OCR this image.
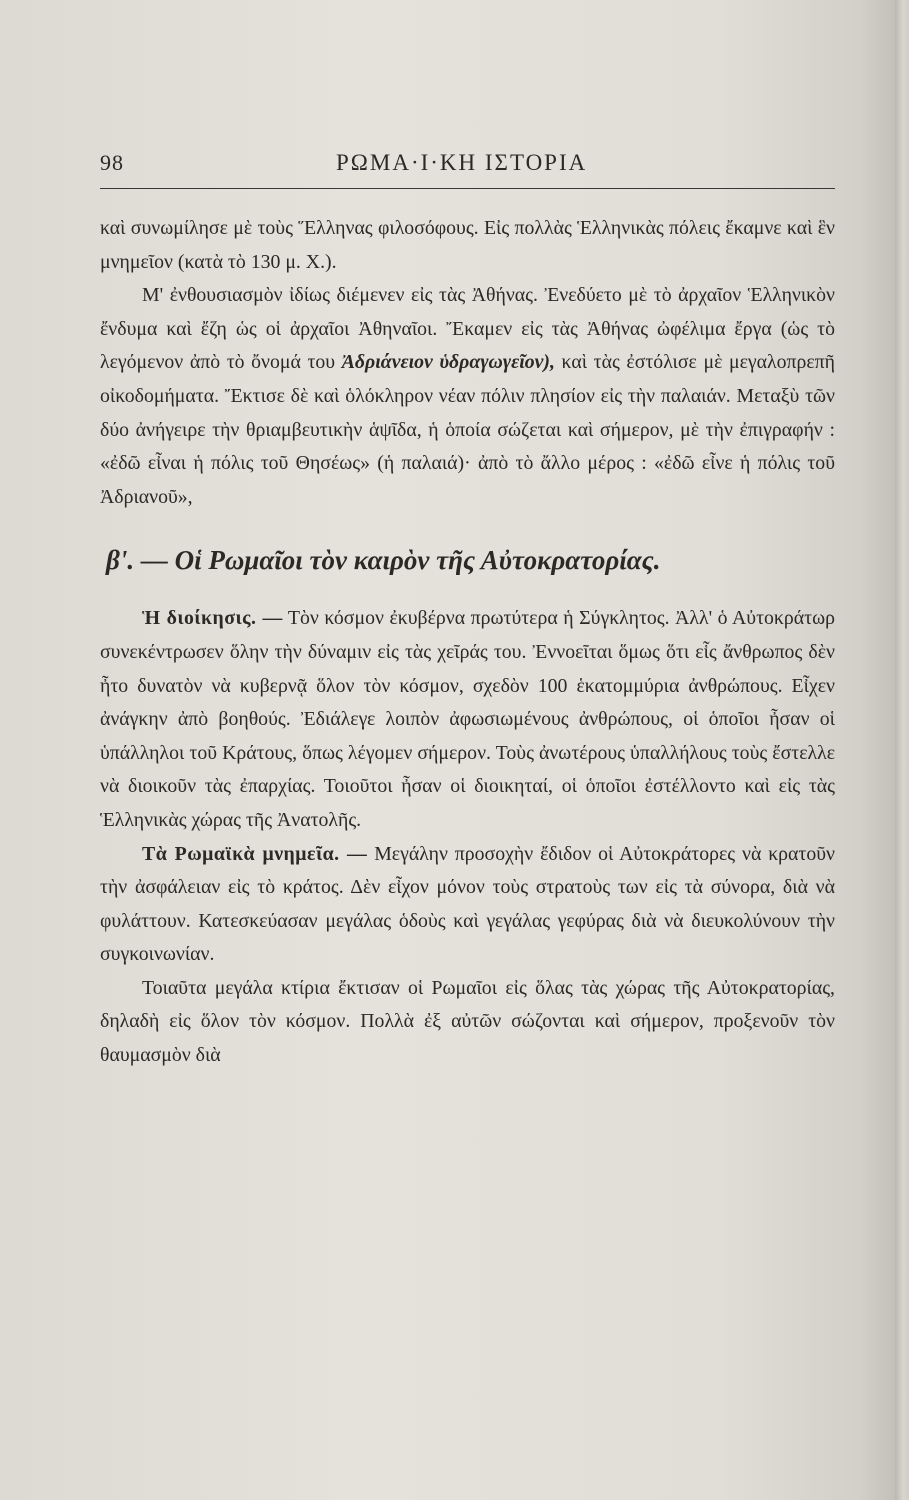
98	ΡΩΜΑ·Ι·ΚΗ ΙΣΤΟΡΙΑ

καὶ συνωμίλησε μὲ τοὺς Ἕλληνας φιλοσόφους. Εἰς πολλὰς Ἑλληνικὰς πόλεις ἔκαμνε καὶ ἓν μνημεῖον (κατὰ τὸ 130 μ. Χ.).

Μ' ἐνθουσιασμὸν ἰδίως διέμενεν εἰς τὰς Ἀθήνας. Ἐνεδύετο μὲ τὸ ἀρχαῖον Ἑλληνικὸν ἔνδυμα καὶ ἔζη ὡς οἱ ἀρχαῖοι Ἀθηναῖοι. Ἔκαμεν εἰς τὰς Ἀθήνας ὠφέλιμα ἔργα (ὡς τὸ λεγόμενον ἀπὸ τὸ ὄνομά του Ἀδριάνειον ὑδραγωγεῖον), καὶ τὰς ἐστόλισε μὲ μεγαλοπρεπῆ οἰκοδομήματα. Ἔκτισε δὲ καὶ ὁλόκληρον νέαν πόλιν πλησίον εἰς τὴν παλαιάν. Μεταξὺ τῶν δύο ἀνήγειρε τὴν θριαμβευτικὴν ἁψῖδα, ἡ ὁποία σώζεται καὶ σήμερον, μὲ τὴν ἐπιγραφήν : «ἐδῶ εἶναι ἡ πόλις τοῦ Θησέως» (ἡ παλαιά)· ἀπὸ τὸ ἄλλο μέρος : «ἐδῶ εἶνε ἡ πόλις τοῦ Ἀδριανοῦ»,

β'. — Οἱ Ρωμαῖοι τὸν καιρὸν τῆς Αὐτοκρατορίας.

Ἡ διοίκησις. — Τὸν κόσμον ἐκυβέρνα πρωτύτερα ἡ Σύγκλητος. Ἀλλ' ὁ Αὐτοκράτωρ συνεκέντρωσεν ὅλην τὴν δύναμιν εἰς τὰς χεῖράς του. Ἐννοεῖται ὅμως ὅτι εἷς ἄνθρωπος δὲν ἦτο δυνατὸν νὰ κυβερνᾷ ὅλον τὸν κόσμον, σχεδὸν 100 ἑκατομμύρια ἀνθρώπους. Εἶχεν ἀνάγκην ἀπὸ βοηθούς. Ἐδιάλεγε λοιπὸν ἀφωσιωμένους ἀνθρώπους, οἱ ὁποῖοι ἦσαν οἱ ὑπάλληλοι τοῦ Κράτους, ὅπως λέγομεν σήμερον. Τοὺς ἀνωτέρους ὑπαλλήλους τοὺς ἔστελλε νὰ διοικοῦν τὰς ἐπαρχίας. Τοιοῦτοι ἦσαν οἱ διοικηταί, οἱ ὁποῖοι ἐστέλλοντο καὶ εἰς τὰς Ἑλληνικὰς χώρας τῆς Ἀνατολῆς.

Τὰ Ρωμαϊκὰ μνημεῖα. — Μεγάλην προσοχὴν ἔδιδον οἱ Αὐτοκράτορες νὰ κρατοῦν τὴν ἀσφάλειαν εἰς τὸ κράτος. Δὲν εἶχον μόνον τοὺς στρατοὺς των εἰς τὰ σύνορα, διὰ νὰ φυλάττουν. Κατεσκεύασαν μεγάλας ὁδοὺς καὶ γεγάλας γεφύρας διὰ νὰ διευκολύνουν τὴν συγκοινωνίαν.

Τοιαῦτα μεγάλα κτίρια ἔκτισαν οἱ Ρωμαῖοι εἰς ὅλας τὰς χώρας τῆς Αὐτοκρατορίας, δηλαδὴ εἰς ὅλον τὸν κόσμον. Πολλὰ ἐξ αὐτῶν σώζονται καὶ σήμερον, προξενοῦν τὸν θαυμασμὸν διὰ
